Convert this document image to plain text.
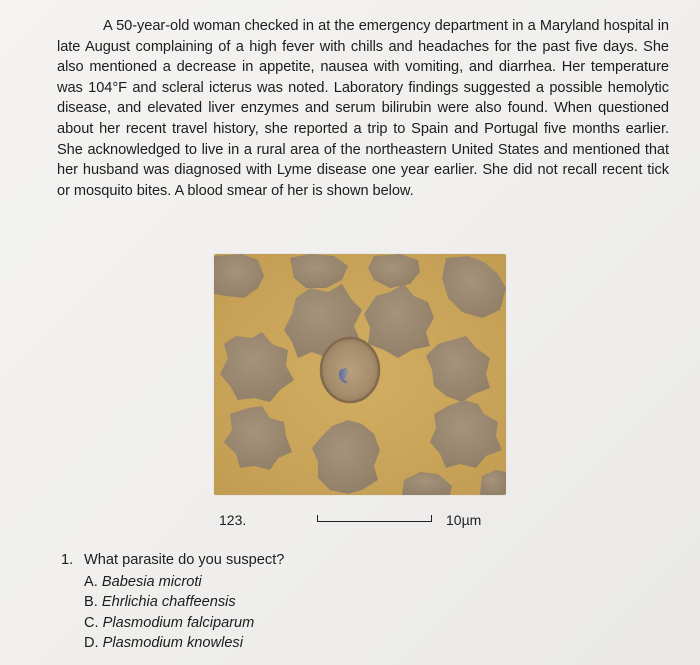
A 50-year-old woman checked in at the emergency department in a Maryland hospital in late August complaining of a high fever with chills and headaches for the past five days. She also mentioned a decrease in appetite, nausea with vomiting, and diarrhea. Her temperature was 104°F and scleral icterus was noted. Laboratory findings suggested a possible hemolytic disease, and elevated liver enzymes and serum bilirubin were also found. When questioned about her recent travel history, she reported a trip to Spain and Portugal five months earlier. She acknowledged to live in a rural area of the northeastern United States and mentioned that her husband was diagnosed with Lyme disease one year earlier. She did not recall recent tick or mosquito bites. A blood smear of her is shown below.

123.	10µm

1. What parasite do you suspect?

A. Babesia microti
B. Ehrlichia chaffeensis
C. Plasmodium falciparum
D. Plasmodium knowlesi
